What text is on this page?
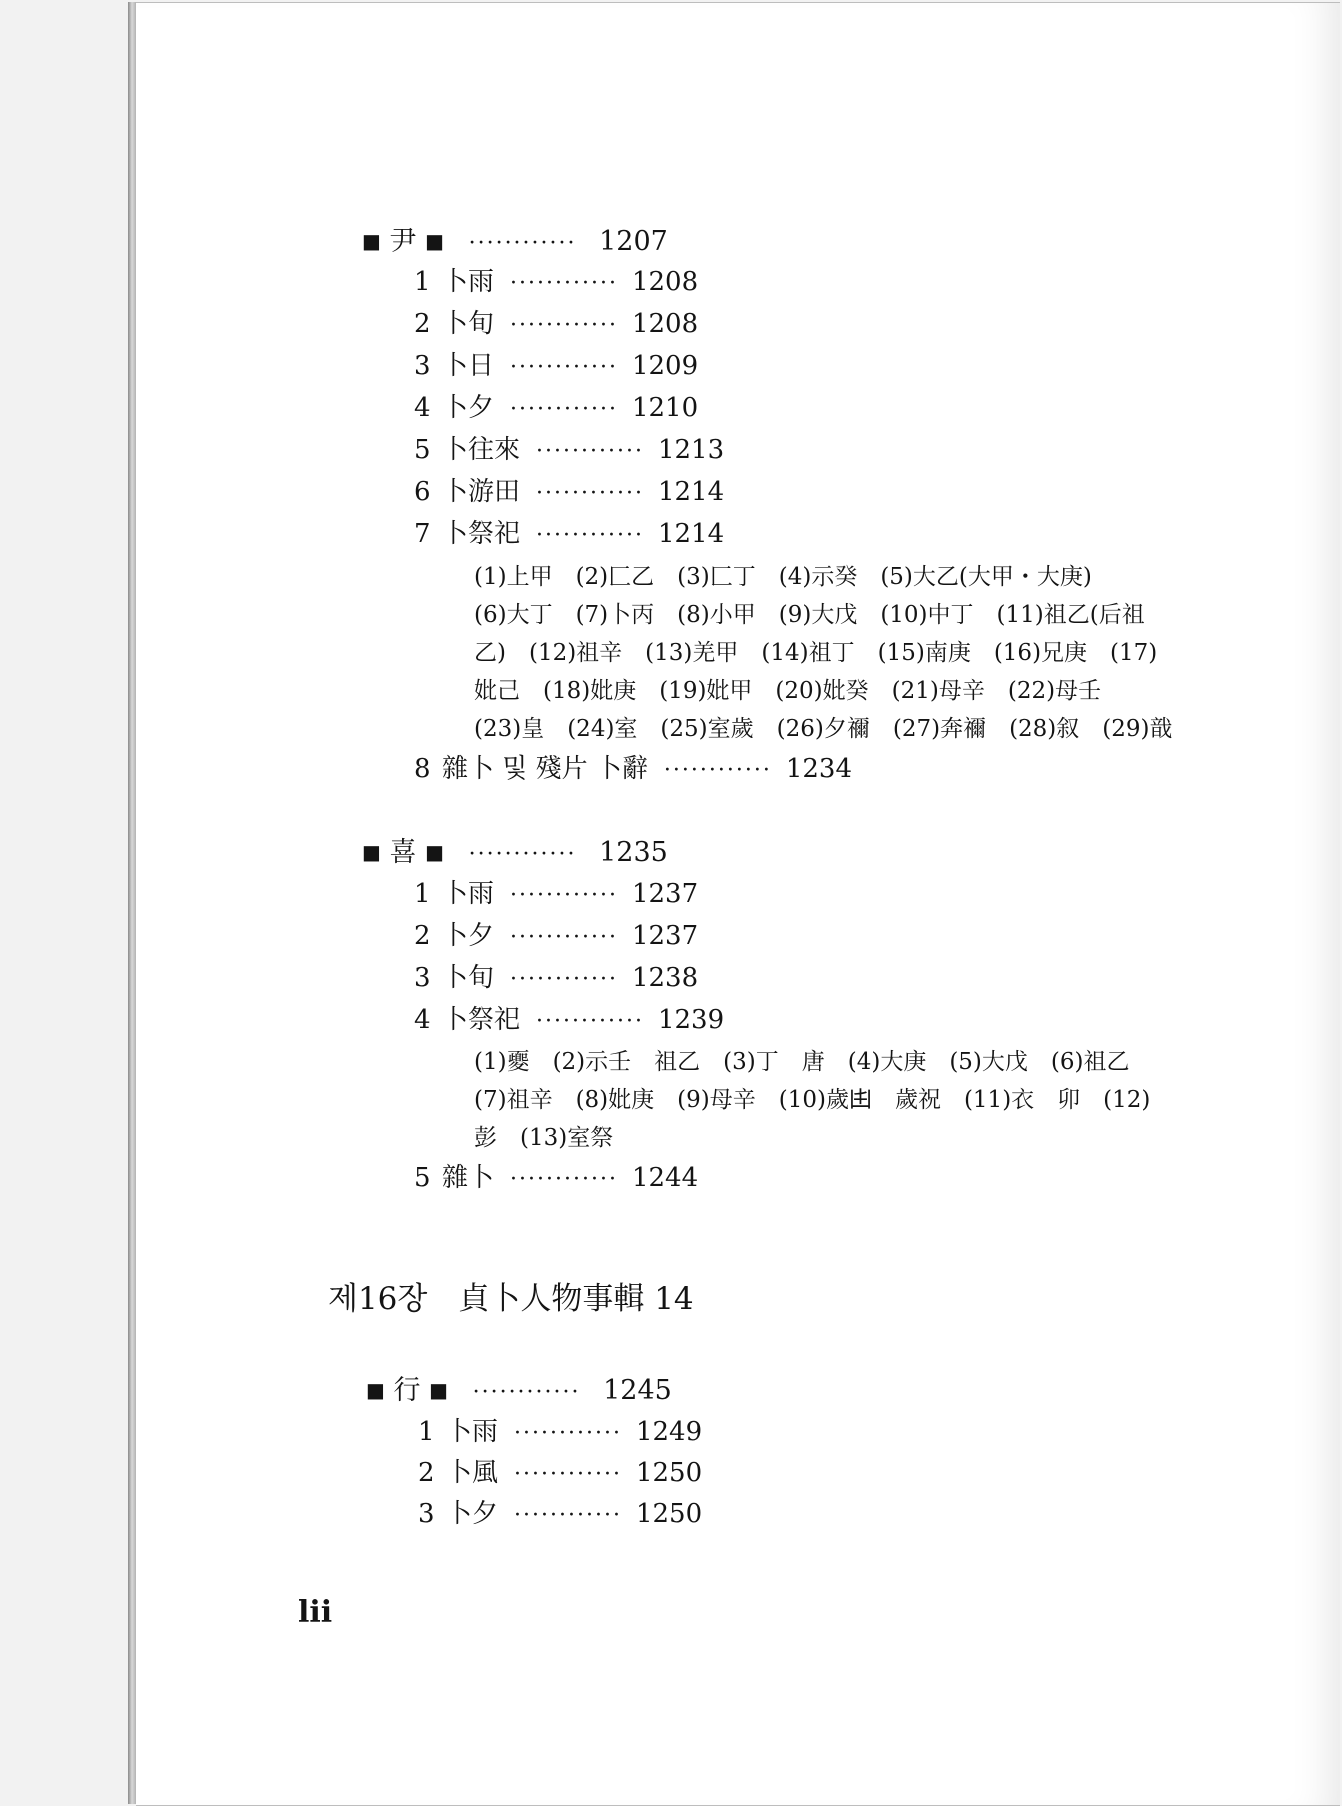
■ 尹 ■ ············ 1207
1 卜雨 ············ 1208
2 卜旬 ············ 1208
3 卜日 ············ 1209
4 卜夕 ············ 1210
5 卜往來 ············ 1213
6 卜游田 ············ 1214
7 卜祭祀 ············ 1214
(1)上甲　(2)匚乙　(3)匚丁　(4)示癸　(5)大乙(大甲・大庚)
(6)大丁　(7)卜丙　(8)小甲　(9)大戊　(10)中丁　(11)祖乙(后祖
乙)　(12)祖辛　(13)羌甲　(14)祖丁　(15)南庚　(16)兄庚　(17)
妣己　(18)妣庚　(19)妣甲　(20)妣癸　(21)母辛　(22)母壬
(23)皇　(24)室　(25)室歲　(26)夕禰　(27)奔禰　(28)叙　(29)戠
8 雜卜 및 殘片 卜辭 ············ 1234
■ 喜 ■ ············ 1235
1 卜雨 ············ 1237
2 卜夕 ············ 1237
3 卜旬 ············ 1238
4 卜祭祀 ············ 1239
(1)夒　(2)示壬　祖乙　(3)丁　唐　(4)大庚　(5)大戊　(6)祖乙
(7)祖辛　(8)妣庚　(9)母辛　(10)歲𠙹　歲祝　(11)衣　卯　(12)
彭　(13)室祭
5 雜卜 ············ 1244
제16장　貞卜人物事輯 14
■ 行 ■ ············ 1245
1 卜雨 ············ 1249
2 卜風 ············ 1250
3 卜夕 ············ 1250
lii
